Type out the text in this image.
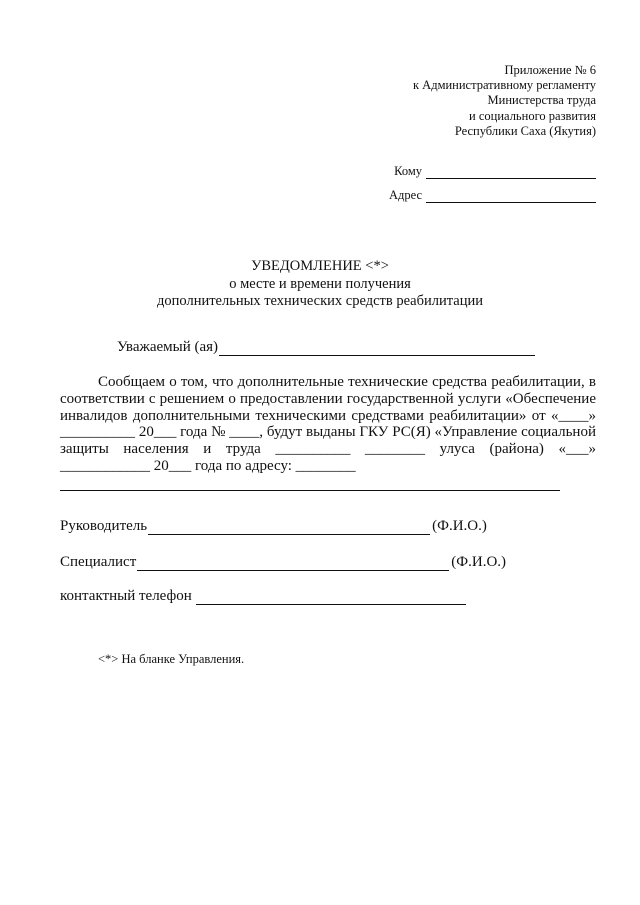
Приложение № 6
к Административному регламенту
Министерства труда
и социального развития
Республики Саха (Якутия)
Кому
Адрес
УВЕДОМЛЕНИЕ <*>
о месте и времени получения
дополнительных технических средств реабилитации
Уважаемый (ая)
Сообщаем о том, что дополнительные технические средства реабилитации, в соответствии с решением о предоставлении государственной услуги «Обеспечение инвалидов дополнительными техническими средствами реабилитации» от «____» __________ 20___ года № ____, будут выданы ГКУ РС(Я) «Управление социальной защиты населения и труда __________ ________ улуса (района) «___» ____________ 20___ года по адресу: ________
Руководитель	(Ф.И.О.)
Специалист	(Ф.И.О.)
контактный телефон
<*> На бланке Управления.
